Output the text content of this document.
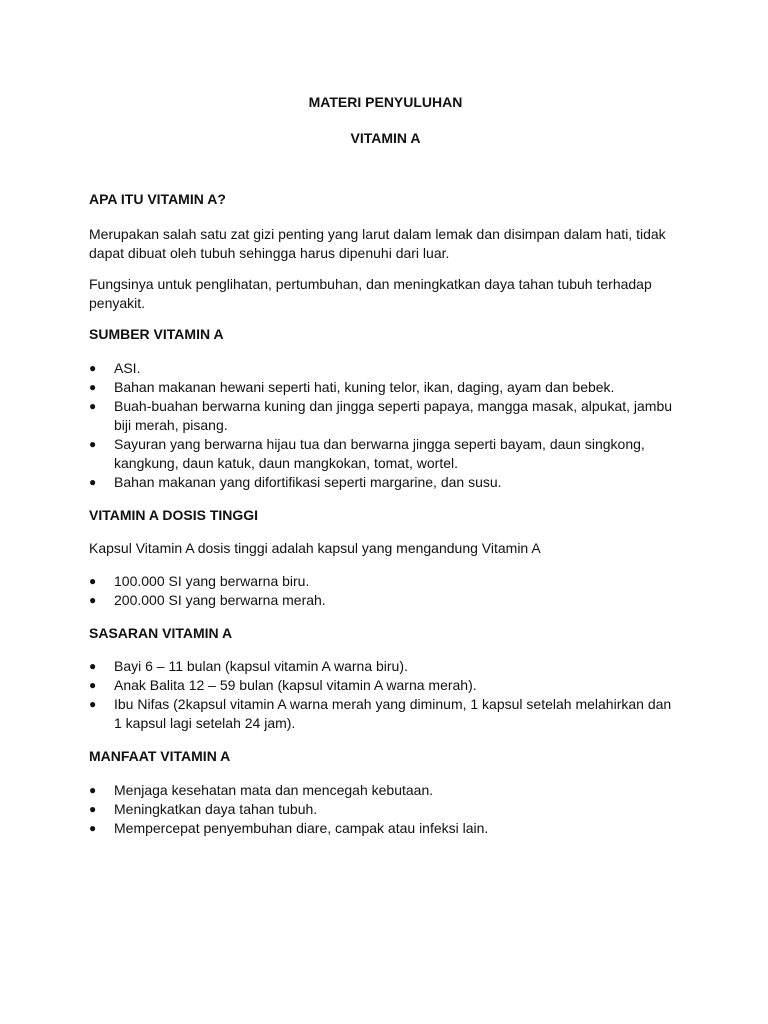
MATERI PENYULUHAN
VITAMIN A
APA ITU VITAMIN A?

Merupakan salah satu zat gizi penting yang larut dalam lemak dan disimpan dalam hati, tidak dapat dibuat oleh tubuh sehingga harus dipenuhi dari luar.

Fungsinya untuk penglihatan, pertumbuhan, dan meningkatkan daya tahan tubuh terhadap penyakit.

SUMBER VITAMIN A
●	ASI.
●	Bahan makanan hewani seperti hati, kuning telor, ikan, daging, ayam dan bebek.
●	Buah-buahan berwarna kuning dan jingga seperti papaya, mangga masak, alpukat, jambu biji merah, pisang.
●	Sayuran yang berwarna hijau tua dan berwarna jingga seperti bayam, daun singkong, kangkung, daun katuk, daun mangkokan, tomat, wortel.
●	Bahan makanan yang difortifikasi seperti margarine, dan susu.
VITAMIN A DOSIS TINGGI

Kapsul Vitamin A dosis tinggi adalah kapsul yang mengandung Vitamin A

●	100.000 SI yang berwarna biru.
●	200.000 SI yang berwarna merah.
SASARAN VITAMIN A
●	Bayi 6 – 11 bulan (kapsul vitamin A warna biru).
●	Anak Balita 12 – 59 bulan (kapsul vitamin A warna merah).
●	Ibu Nifas (2kapsul vitamin A warna merah yang diminum, 1 kapsul setelah melahirkan dan 1 kapsul lagi setelah 24 jam).
MANFAAT VITAMIN A
●	Menjaga kesehatan mata dan mencegah kebutaan.
●	Meningkatkan daya tahan tubuh.
●	Mempercepat penyembuhan diare, campak atau infeksi lain.
